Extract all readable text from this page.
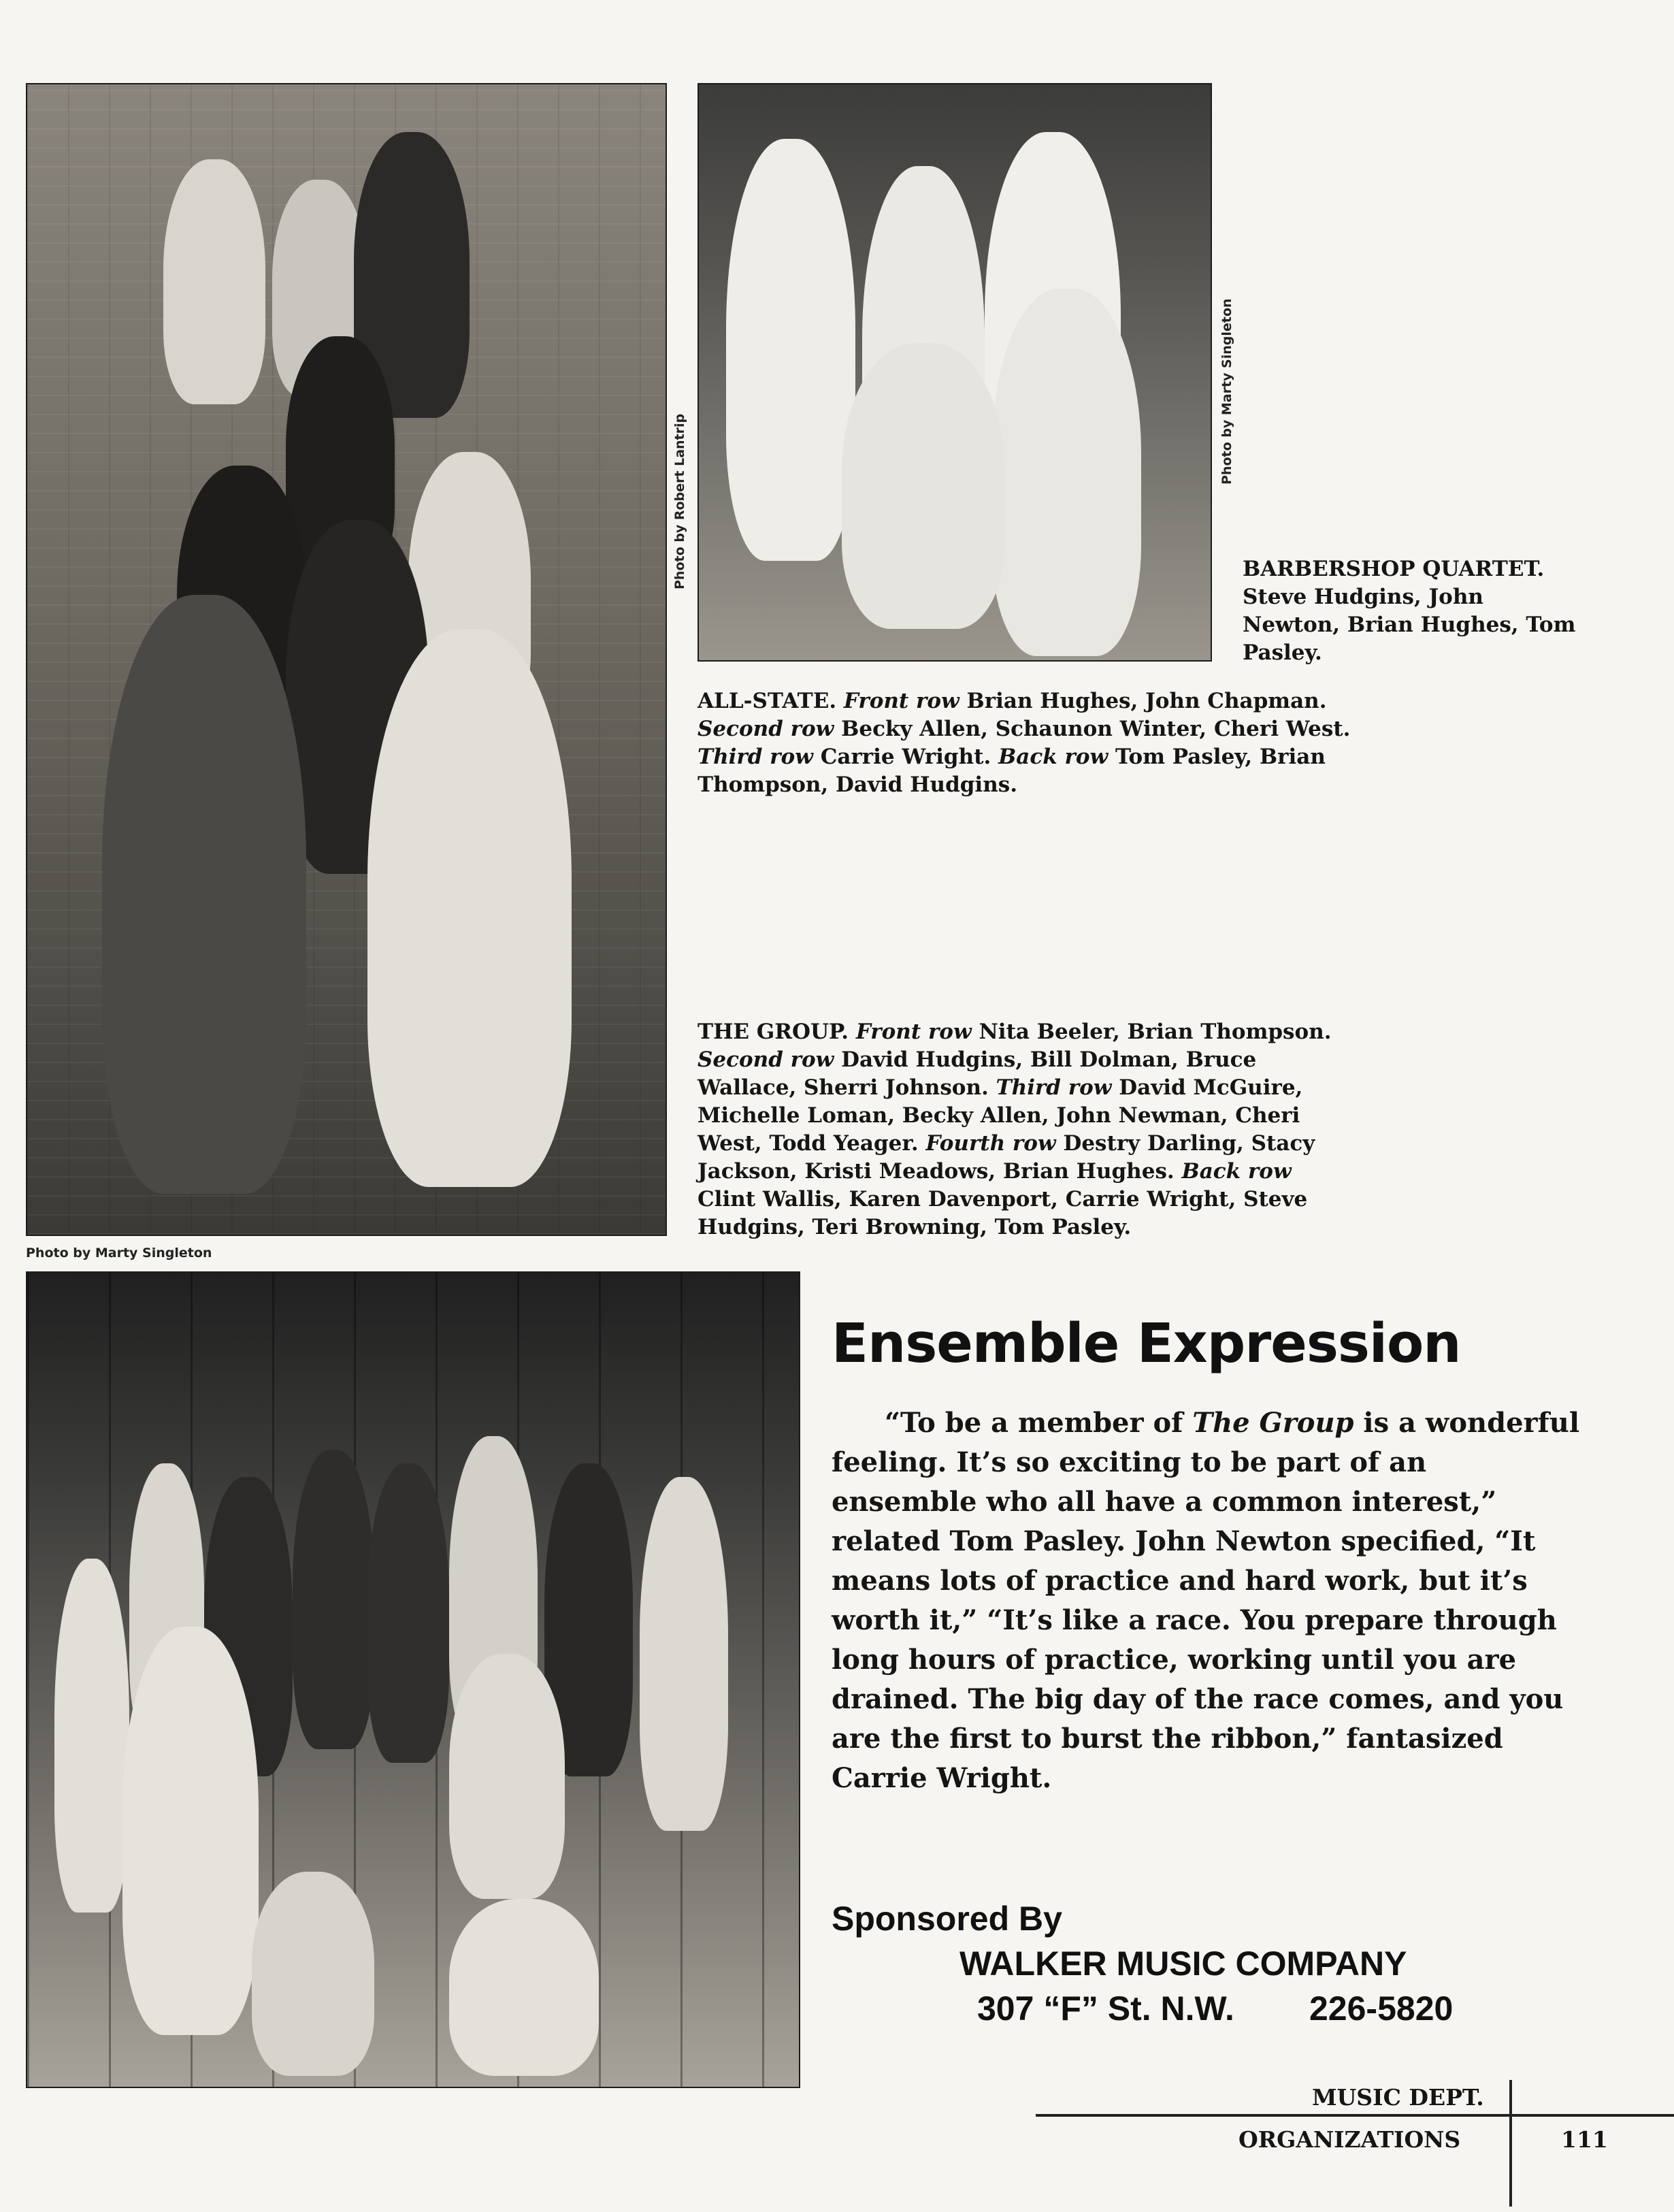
Photo by Marty Singleton
Photo by Robert Lantrip
Photo by Marty Singleton
BARBERSHOP QUARTET.
Steve Hudgins, John
Newton, Brian Hughes, Tom
Pasley.
ALL-STATE. Front row Brian Hughes, John Chapman. Second row Becky Allen, Schaunon Winter, Cheri West. Third row Carrie Wright. Back row Tom Pasley, Brian Thompson, David Hudgins.
THE GROUP. Front row Nita Beeler, Brian Thompson. Second row David Hudgins, Bill Dolman, Bruce Wallace, Sherri Johnson. Third row David McGuire, Michelle Loman, Becky Allen, John Newman, Cheri West, Todd Yeager. Fourth row Destry Darling, Stacy Jackson, Kristi Meadows, Brian Hughes. Back row Clint Wallis, Karen Davenport, Carrie Wright, Steve Hudgins, Teri Browning, Tom Pasley.
Ensemble Expression

“To be a member of The Group is a wonderful feeling. It’s so exciting to be part of an ensemble who all have a common interest,” related Tom Pasley. John Newton specified, “It means lots of practice and hard work, but it’s worth it,” “It’s like a race. You prepare through long hours of practice, working until you are drained. The big day of the race comes, and you are the first to burst the ribbon,” fantasized Carrie Wright.

Sponsored By
WALKER MUSIC COMPANY
307 “F” St. N.W. 226-5820
MUSIC DEPT.
ORGANIZATIONS	111
